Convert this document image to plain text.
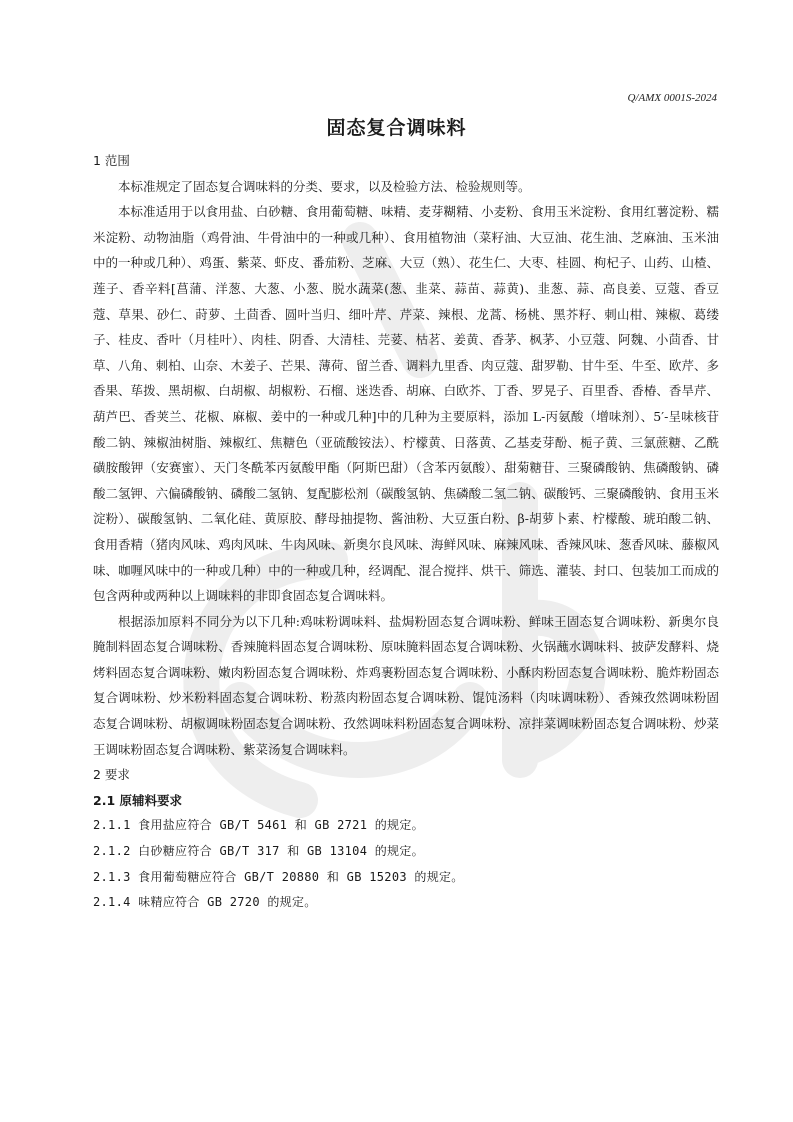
Q/AMX 0001S-2024
固态复合调味料

1 范围

本标准规定了固态复合调味料的分类、要求，以及检验方法、检验规则等。

本标准适用于以食用盐、白砂糖、食用葡萄糖、味精、麦芽糊精、小麦粉、食用玉米淀粉、食用红薯淀粉、糯米淀粉、动物油脂（鸡骨油、牛骨油中的一种或几种）、食用植物油（菜籽油、大豆油、花生油、芝麻油、玉米油中的一种或几种）、鸡蛋、紫菜、虾皮、番茄粉、芝麻、大豆（熟）、花生仁、大枣、桂圆、枸杞子、山药、山楂、莲子、香辛料[菖蒲、洋葱、大葱、小葱、脱水蔬菜(葱、韭菜、蒜苗、蒜黄)、韭葱、蒜、高良姜、豆蔻、香豆蔻、草果、砂仁、莳萝、土茴香、圆叶当归、细叶芹、芹菜、辣根、龙蒿、杨桃、黑芥籽、刺山柑、辣椒、葛缕子、桂皮、香叶（月桂叶）、肉桂、阴香、大清桂、芫荽、枯茗、姜黄、香茅、枫茅、小豆蔻、阿魏、小茴香、甘草、八角、刺柏、山奈、木姜子、芒果、薄荷、留兰香、调料九里香、肉豆蔻、甜罗勒、甘牛至、牛至、欧芹、多香果、荜拨、黑胡椒、白胡椒、胡椒粉、石榴、迷迭香、胡麻、白欧芥、丁香、罗晃子、百里香、香椿、香旱芹、葫芦巴、香荚兰、花椒、麻椒、姜中的一种或几种]中的几种为主要原料，添加 L-丙氨酸（增味剂）、5′-呈味核苷酸二钠、辣椒油树脂、辣椒红、焦糖色（亚硫酸铵法）、柠檬黄、日落黄、乙基麦芽酚、栀子黄、三氯蔗糖、乙酰磺胺酸钾（安赛蜜）、天门冬酰苯丙氨酸甲酯（阿斯巴甜）（含苯丙氨酸）、甜菊糖苷、三聚磷酸钠、焦磷酸钠、磷酸二氢钾、六偏磷酸钠、磷酸二氢钠、复配膨松剂（碳酸氢钠、焦磷酸二氢二钠、碳酸钙、三聚磷酸钠、食用玉米淀粉）、碳酸氢钠、二氧化硅、黄原胶、酵母抽提物、酱油粉、大豆蛋白粉、β-胡萝卜素、柠檬酸、琥珀酸二钠、食用香精（猪肉风味、鸡肉风味、牛肉风味、新奥尔良风味、海鲜风味、麻辣风味、香辣风味、葱香风味、藤椒风味、咖喱风味中的一种或几种）中的一种或几种，经调配、混合搅拌、烘干、筛选、灌装、封口、包装加工而成的包含两种或两种以上调味料的非即食固态复合调味料。

根据添加原料不同分为以下几种:鸡味粉调味料、盐焗粉固态复合调味粉、鲜味王固态复合调味粉、新奥尔良腌制料固态复合调味粉、香辣腌料固态复合调味粉、原味腌料固态复合调味粉、火锅蘸水调味料、披萨发酵料、烧烤料固态复合调味粉、嫩肉粉固态复合调味粉、炸鸡裹粉固态复合调味粉、小酥肉粉固态复合调味粉、脆炸粉固态复合调味粉、炒米粉料固态复合调味粉、粉蒸肉粉固态复合调味粉、馄饨汤料（肉味调味粉）、香辣孜然调味粉固态复合调味粉、胡椒调味粉固态复合调味粉、孜然调味料粉固态复合调味粉、凉拌菜调味粉固态复合调味粉、炒菜王调味粉固态复合调味粉、紫菜汤复合调味料。

2 要求

2.1 原辅料要求

2.1.1 食用盐应符合 GB/T 5461 和 GB 2721 的规定。

2.1.2 白砂糖应符合 GB/T 317 和 GB 13104 的规定。

2.1.3 食用葡萄糖应符合 GB/T 20880 和 GB 15203 的规定。

2.1.4 味精应符合 GB 2720 的规定。
